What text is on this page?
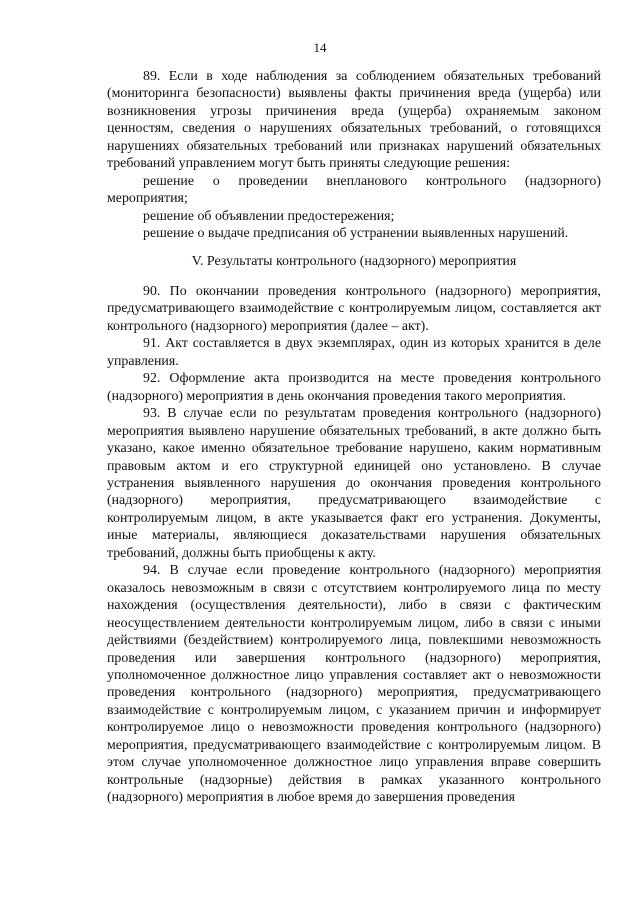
14

89. Если в ходе наблюдения за соблюдением обязательных требований (мониторинга безопасности) выявлены факты причинения вреда (ущерба) или возникновения угрозы причинения вреда (ущерба) охраняемым законом ценностям, сведения о нарушениях обязательных требований, о готовящихся нарушениях обязательных требований или признаках нарушений обязательных требований управлением могут быть приняты следующие решения:

решение о проведении внепланового контрольного (надзорного) мероприятия;

решение об объявлении предостережения;

решение о выдаче предписания об устранении выявленных нарушений.

V. Результаты контрольного (надзорного) мероприятия

90. По окончании проведения контрольного (надзорного) мероприятия, предусматривающего взаимодействие с контролируемым лицом, составляется акт контрольного (надзорного) мероприятия (далее – акт).

91. Акт составляется в двух экземплярах, один из которых хранится в деле управления.

92. Оформление акта производится на месте проведения контрольного (надзорного) мероприятия в день окончания проведения такого мероприятия.

93. В случае если по результатам проведения контрольного (надзорного) мероприятия выявлено нарушение обязательных требований, в акте должно быть указано, какое именно обязательное требование нарушено, каким нормативным правовым актом и его структурной единицей оно установлено. В случае устранения выявленного нарушения до окончания проведения контрольного (надзорного) мероприятия, предусматривающего взаимодействие с контролируемым лицом, в акте указывается факт его устранения. Документы, иные материалы, являющиеся доказательствами нарушения обязательных требований, должны быть приобщены к акту.

94. В случае если проведение контрольного (надзорного) мероприятия оказалось невозможным в связи с отсутствием контролируемого лица по месту нахождения (осуществления деятельности), либо в связи с фактическим неосуществлением деятельности контролируемым лицом, либо в связи с иными действиями (бездействием) контролируемого лица, повлекшими невозможность проведения или завершения контрольного (надзорного) мероприятия, уполномоченное должностное лицо управления составляет акт о невозможности проведения контрольного (надзорного) мероприятия, предусматривающего взаимодействие с контролируемым лицом, с указанием причин и информирует контролируемое лицо о невозможности проведения контрольного (надзорного) мероприятия, предусматривающего взаимодействие с контролируемым лицом. В этом случае уполномоченное должностное лицо управления вправе совершить контрольные (надзорные) действия в рамках указанного контрольного (надзорного) мероприятия в любое время до завершения проведения
